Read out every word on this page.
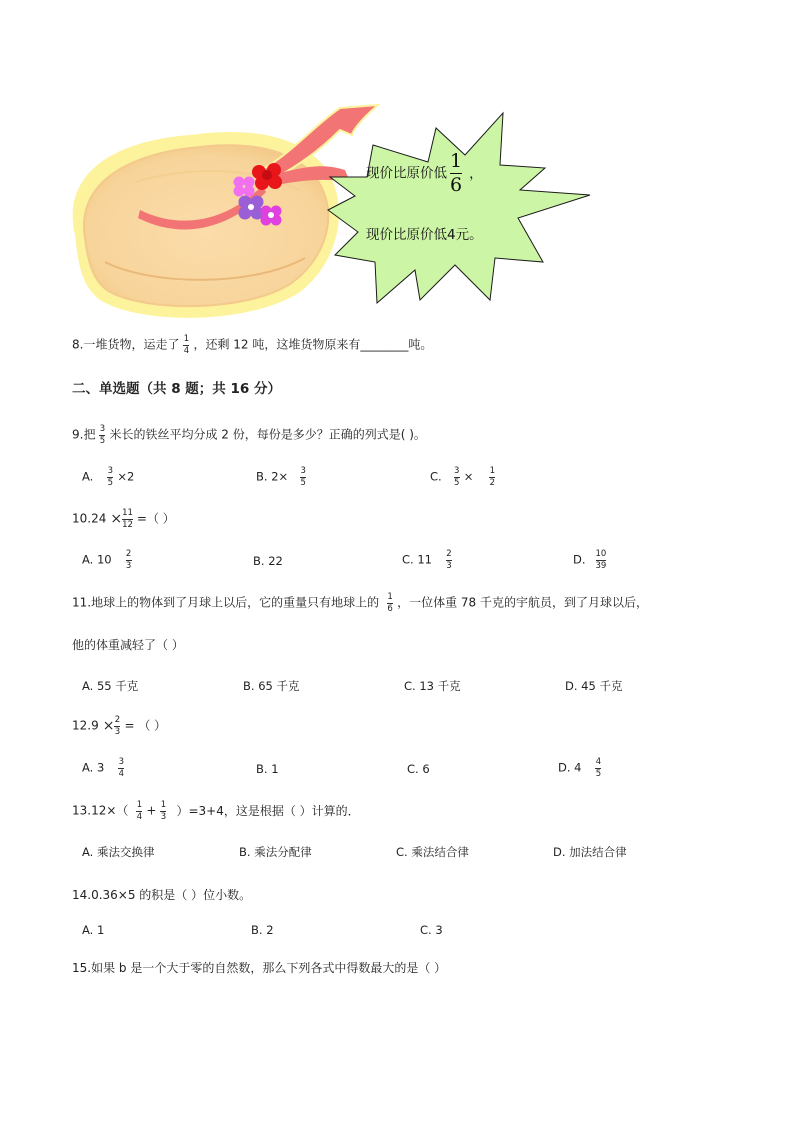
现价比原价低 $\frac{1}{6}$ ，
现价比原价低4元。
8.一堆货物，运走了 $\frac{1}{4}$ ，还剩 12 吨，这堆货物原来有________吨。
二、单选题（共 8 题；共 16 分）
9.把 $\frac{3}{5}$ 米长的铁丝平均分成 2 份，每份是多少？正确的列式是( )。
A. $\frac{3}{5} \times 2$	B. $2\times \frac{3}{5}$	C. $\frac{3}{5} \times \frac{1}{2}$
$10.24 \times \frac{11}{12}$ =（ ）
A. $10 \frac{2}{3}$	B. 22	C. $11 \frac{2}{3}$	D. $\frac{10}{39}$
11.地球上的物体到了月球上以后，它的重量只有地球上的 $\frac{1}{6}$ ，一位体重 78 千克的宇航员，到了月球以后，
他的体重减轻了（ ）
A. 55 千克	B. 65 千克	C. 13 千克	D. 45 千克
$12.9 \times \frac{2}{3}$ = （ ）
A. $3 \frac{3}{4}$	B. 1	C. 6	D. $4 \frac{4}{5}$
$13.12\times( \frac{1}{4} + \frac{1}{3} )=3+4$，这是根据（ ）计算的．
A. 乘法交换律	B. 乘法分配律	C. 乘法结合律	D. 加法结合律
14.0.36×5 的积是（ ）位小数。
A. 1	B. 2	C. 3
15.如果 b 是一个大于零的自然数，那么下列各式中得数最大的是（ ）
